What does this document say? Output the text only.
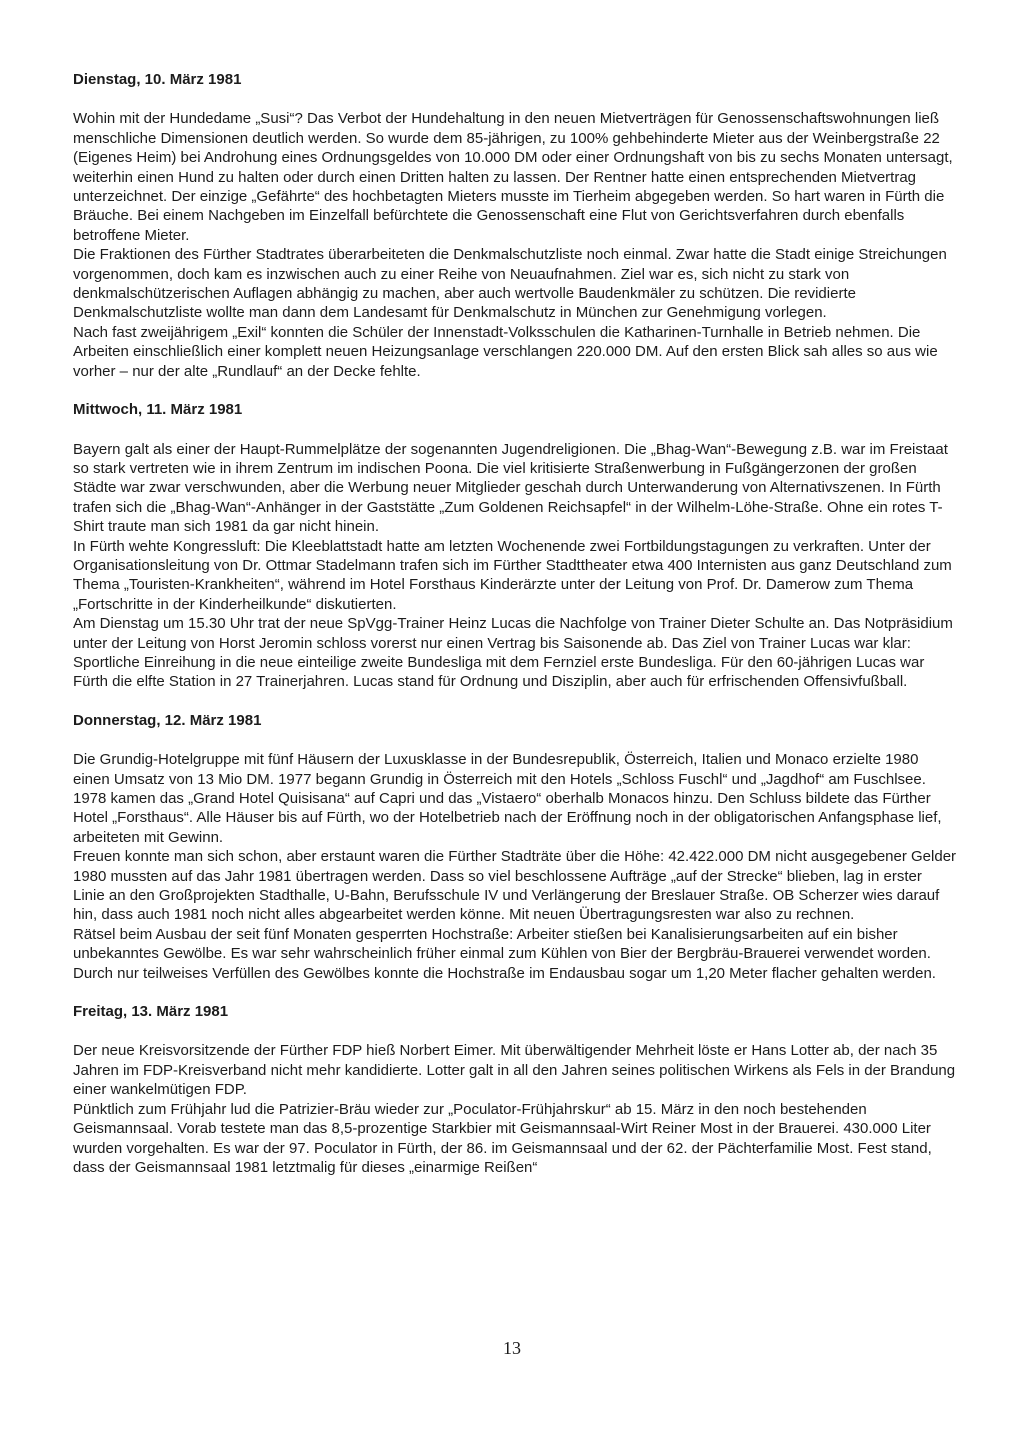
Dienstag, 10. März 1981

Wohin mit der Hundedame „Susi“? Das Verbot der Hundehaltung in den neuen Mietverträgen für Genossenschaftswohnungen ließ menschliche Dimensionen deutlich werden. So wurde dem 85-jährigen, zu 100% gehbehinderte Mieter aus der Weinbergstraße 22 (Eigenes Heim) bei Androhung eines Ordnungsgeldes von 10.000 DM oder einer Ordnungshaft von bis zu sechs Monaten untersagt, weiterhin einen Hund zu halten oder durch einen Dritten halten zu lassen. Der Rentner hatte einen entsprechenden Mietvertrag unterzeichnet. Der einzige „Gefährte“ des hochbetagten Mieters musste im Tierheim abgegeben werden. So hart waren in Fürth die Bräuche. Bei einem Nachgeben im Einzelfall befürchtete die Genossenschaft eine Flut von Gerichtsverfahren durch ebenfalls betroffene Mieter.

Die Fraktionen des Fürther Stadtrates überarbeiteten die Denkmalschutzliste noch einmal. Zwar hatte die Stadt einige Streichungen vorgenommen, doch kam es inzwischen auch zu einer Reihe von Neuaufnahmen. Ziel war es, sich nicht zu stark von denkmalschützerischen Auflagen abhängig zu machen, aber auch wertvolle Baudenkmäler zu schützen. Die revidierte Denkmalschutzliste wollte man dann dem Landesamt für Denkmalschutz in München zur Genehmigung vorlegen.

Nach fast zweijährigem „Exil“ konnten die Schüler der Innenstadt-Volksschulen die Katharinen-Turnhalle in Betrieb nehmen. Die Arbeiten einschließlich einer komplett neuen Heizungsanlage verschlangen 220.000 DM. Auf den ersten Blick sah alles so aus wie vorher – nur der alte „Rundlauf“ an der Decke fehlte.

Mittwoch, 11. März 1981

Bayern galt als einer der Haupt-Rummelplätze der sogenannten Jugendreligionen. Die „Bhag-Wan“-Bewegung z.B. war im Freistaat so stark vertreten wie in ihrem Zentrum im indischen Poona. Die viel kritisierte Straßenwerbung in Fußgängerzonen der großen Städte war zwar verschwunden, aber die Werbung neuer Mitglieder geschah durch Unterwanderung von Alternativszenen. In Fürth trafen sich die „Bhag-Wan“-Anhänger in der Gaststätte „Zum Goldenen Reichsapfel“ in der Wilhelm-Löhe-Straße. Ohne ein rotes T-Shirt traute man sich 1981 da gar nicht hinein.

In Fürth wehte Kongressluft: Die Kleeblattstadt hatte am letzten Wochenende zwei Fortbildungstagungen zu verkraften. Unter der Organisationsleitung von Dr. Ottmar Stadelmann trafen sich im Fürther Stadttheater etwa 400 Internisten aus ganz Deutschland zum Thema „Touristen-Krankheiten“, während im Hotel Forsthaus Kinderärzte unter der Leitung von Prof. Dr. Damerow zum Thema „Fortschritte in der Kinderheilkunde“ diskutierten.

Am Dienstag um 15.30 Uhr trat der neue SpVgg-Trainer Heinz Lucas die Nachfolge von Trainer Dieter Schulte an. Das Notpräsidium unter der Leitung von Horst Jeromin schloss vorerst nur einen Vertrag bis Saisonende ab. Das Ziel von Trainer Lucas war klar: Sportliche Einreihung in die neue einteilige zweite Bundesliga mit dem Fernziel erste Bundesliga. Für den 60-jährigen Lucas war Fürth die elfte Station in 27 Trainerjahren. Lucas stand für Ordnung und Disziplin, aber auch für erfrischenden Offensivfußball.

Donnerstag, 12. März 1981

Die Grundig-Hotelgruppe mit fünf Häusern der Luxusklasse in der Bundesrepublik, Österreich, Italien und Monaco erzielte 1980 einen Umsatz von 13 Mio DM. 1977 begann Grundig in Österreich mit den Hotels „Schloss Fuschl“ und „Jagdhof“ am Fuschlsee. 1978 kamen das „Grand Hotel Quisisana“ auf Capri und das „Vistaero“ oberhalb Monacos hinzu. Den Schluss bildete das Fürther Hotel „Forsthaus“. Alle Häuser bis auf Fürth, wo der Hotelbetrieb nach der Eröffnung noch in der obligatorischen Anfangsphase lief, arbeiteten mit Gewinn.

Freuen konnte man sich schon, aber erstaunt waren die Fürther Stadträte über die Höhe: 42.422.000 DM nicht ausgegebener Gelder 1980 mussten auf das Jahr 1981 übertragen werden. Dass so viel beschlossene Aufträge „auf der Strecke“ blieben, lag in erster Linie an den Großprojekten Stadthalle, U-Bahn, Berufsschule IV und Verlängerung der Breslauer Straße. OB Scherzer wies darauf hin, dass auch 1981 noch nicht alles abgearbeitet werden könne. Mit neuen Übertragungsresten war also zu rechnen.

Rätsel beim Ausbau der seit fünf Monaten gesperrten Hochstraße: Arbeiter stießen bei Kanalisierungsarbeiten auf ein bisher unbekanntes Gewölbe. Es war sehr wahrscheinlich früher einmal zum Kühlen von Bier der Bergbräu-Brauerei verwendet worden. Durch nur teilweises Verfüllen des Gewölbes konnte die Hochstraße im Endausbau sogar um 1,20 Meter flacher gehalten werden.

Freitag, 13. März 1981

Der neue Kreisvorsitzende der Fürther FDP hieß Norbert Eimer. Mit überwältigender Mehrheit löste er Hans Lotter ab, der nach 35 Jahren im FDP-Kreisverband nicht mehr kandidierte. Lotter galt in all den Jahren seines politischen Wirkens als Fels in der Brandung einer wankelmütigen FDP.

Pünktlich zum Frühjahr lud die Patrizier-Bräu wieder zur „Poculator-Frühjahrskur“ ab 15. März in den noch bestehenden Geismannsaal. Vorab testete man das 8,5-prozentige Starkbier mit Geismannsaal-Wirt Reiner Most in der Brauerei. 430.000 Liter wurden vorgehalten. Es war der 97. Poculator in Fürth, der 86. im Geismannsaal und der 62. der Pächterfamilie Most. Fest stand, dass der Geismannsaal 1981 letztmalig für dieses „einarmige Reißen“

13
